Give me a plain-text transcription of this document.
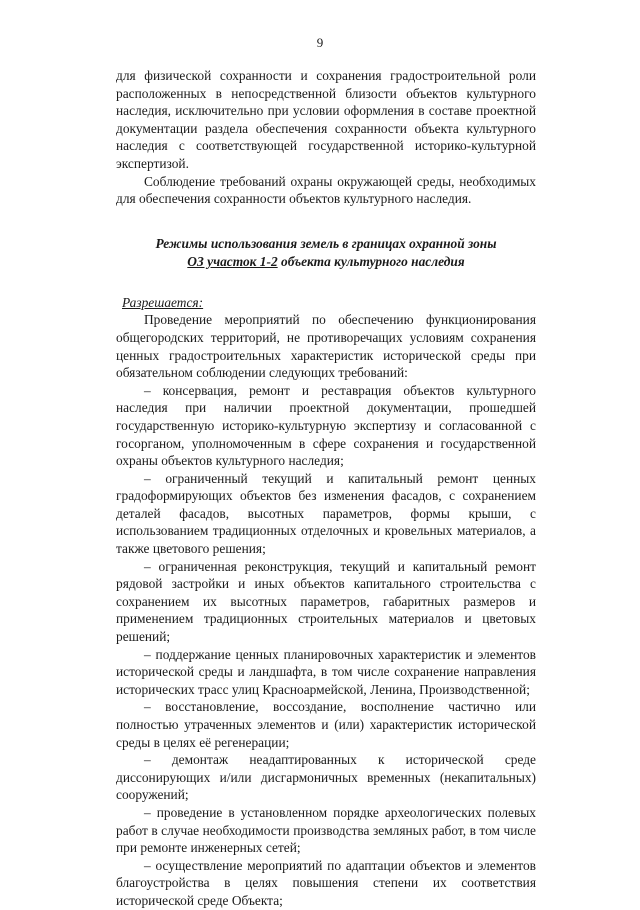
9

для физической сохранности и сохранения градостроительной роли расположенных в непосредственной близости объектов культурного наследия, исключительно при условии оформления в составе проектной документации раздела обеспечения сохранности объекта культурного наследия с соответствующей государственной историко-культурной экспертизой.

Соблюдение требований охраны окружающей среды, необходимых для обеспечения сохранности объектов культурного наследия.

Режимы использования земель в границах охранной зоны
ОЗ участок 1-2 объекта культурного наследия
Разрешается:

Проведение мероприятий по обеспечению функционирования общегородских территорий, не противоречащих условиям сохранения ценных градостроительных характеристик исторической среды при обязательном соблюдении следующих требований:

– консервация, ремонт и реставрация объектов культурного наследия при наличии проектной документации, прошедшей государственную историко-культурную экспертизу и согласованной с госорганом, уполномоченным в сфере сохранения и государственной охраны объектов культурного наследия;

– ограниченный текущий и капитальный ремонт ценных градоформирующих объектов без изменения фасадов, с сохранением деталей фасадов, высотных параметров, формы крыши, с использованием традиционных отделочных и кровельных материалов, а также цветового решения;

– ограниченная реконструкция, текущий и капитальный ремонт рядовой застройки и иных объектов капитального строительства с сохранением их высотных параметров, габаритных размеров и применением традиционных строительных материалов и цветовых решений;

– поддержание ценных планировочных характеристик и элементов исторической среды и ландшафта, в том числе сохранение направления исторических трасс улиц Красноармейской, Ленина, Производственной;

– восстановление, воссоздание, восполнение частично или полностью утраченных элементов и (или) характеристик исторической среды в целях её регенерации;

– демонтаж неадаптированных к исторической среде диссонирующих и/или дисгармоничных временных (некапитальных) сооружений;

– проведение в установленном порядке археологических полевых работ в случае необходимости производства земляных работ, в том числе при ремонте инженерных сетей;

– осуществление мероприятий по адаптации объектов и элементов благоустройства в целях повышения степени их соответствия исторической среде Объекта;
